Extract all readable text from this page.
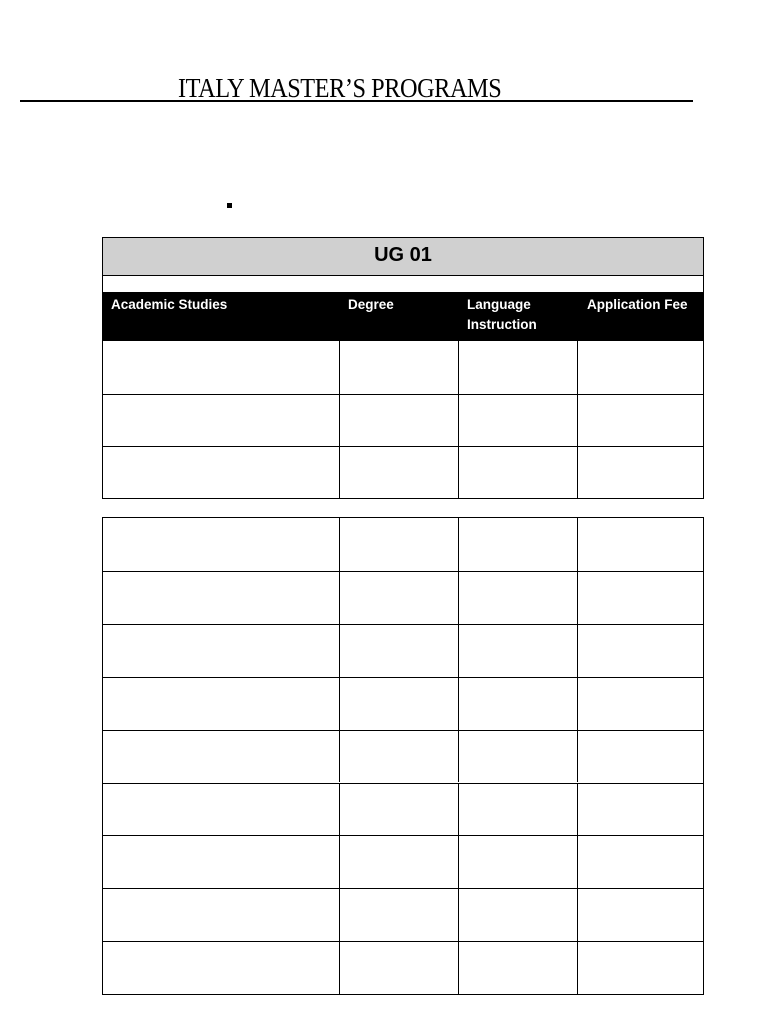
ITALY MASTER’S PROGRAMS
UG 01
Academic Studies	Degree	Language
Instruction
Application Fee
